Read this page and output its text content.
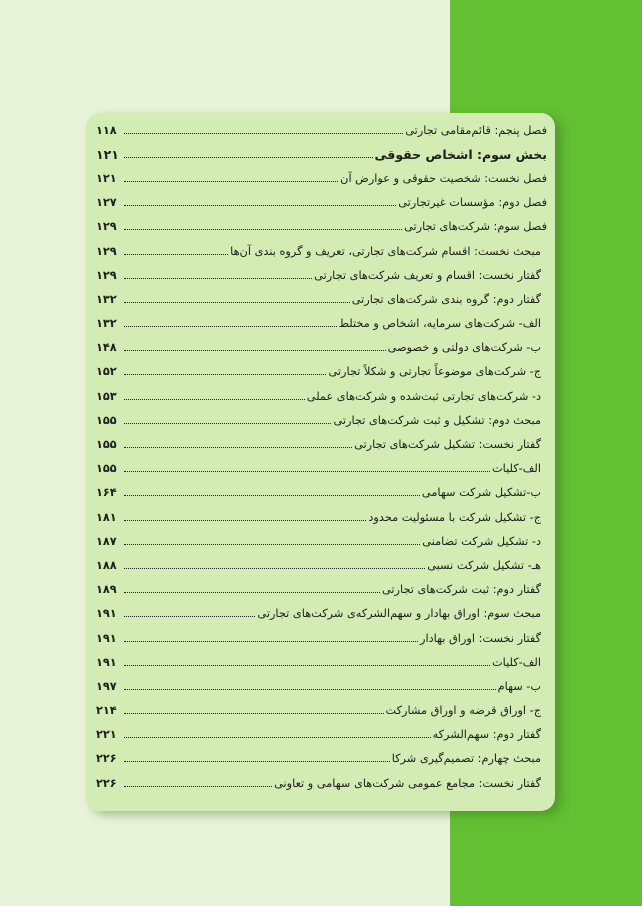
فصل پنجم: قائم‌مقامی تجارتی
۱۱۸
بخش سوم: اشخاص حقوقی
۱۲۱
فصل نخست: شخصیت حقوقی و عوارض آن
۱۲۱
فصل دوم: مؤسسات غیرتجارتی
۱۲۷
فصل سوم: شرکت‌های تجارتی
۱۲۹
مبحث نخست: اقسام شرکت‌های تجارتی، تعریف و گروه بندی آن‌ها
۱۲۹
گفتار نخست: اقسام و تعریف شرکت‌های تجارتی
۱۲۹
گفتار دوم: گروه بندی شرکت‌های تجارتی
۱۳۲
الف- شرکت‌های سرمایه، اشخاص و مختلط
۱۳۲
ب- شرکت‌های دولتی و خصوصی
۱۴۸
ج- شرکت‌های موضوعاً تجارتی و شکلاً تجارتی
۱۵۲
د- شرکت‌های تجارتی ثبت‌شده و شرکت‌های عملی
۱۵۳
مبحث دوم: تشکیل و ثبت شرکت‌های تجارتی
۱۵۵
گفتار نخست: تشکیل شرکت‌های تجارتی
۱۵۵
الف-کلیات
۱۵۵
ب-تشکیل شرکت سهامی
۱۶۴
ج- تشکیل شرکت با مسئولیت محدود
۱۸۱
د- تشکیل شرکت تضامنی
۱۸۷
هـ- تشکیل شرکت نسبی
۱۸۸
گفتار دوم: ثبت شرکت‌های تجارتی
۱۸۹
مبحث سوم: اوراق بهادار و سهم‌الشرکه‌ی شرکت‌های تجارتی
۱۹۱
گفتار نخست: اوراق بهادار
۱۹۱
الف-کلیات
۱۹۱
ب- سهام
۱۹۷
ج- اوراق قرضه و اوراق مشارکت
۲۱۴
گفتار دوم: سهم‌الشرکه
۲۲۱
مبحث چهارم: تصمیم‌گیری شرکا
۲۲۶
گفتار نخست: مجامع عمومی شرکت‌های سهامی و تعاونی
۲۲۶
